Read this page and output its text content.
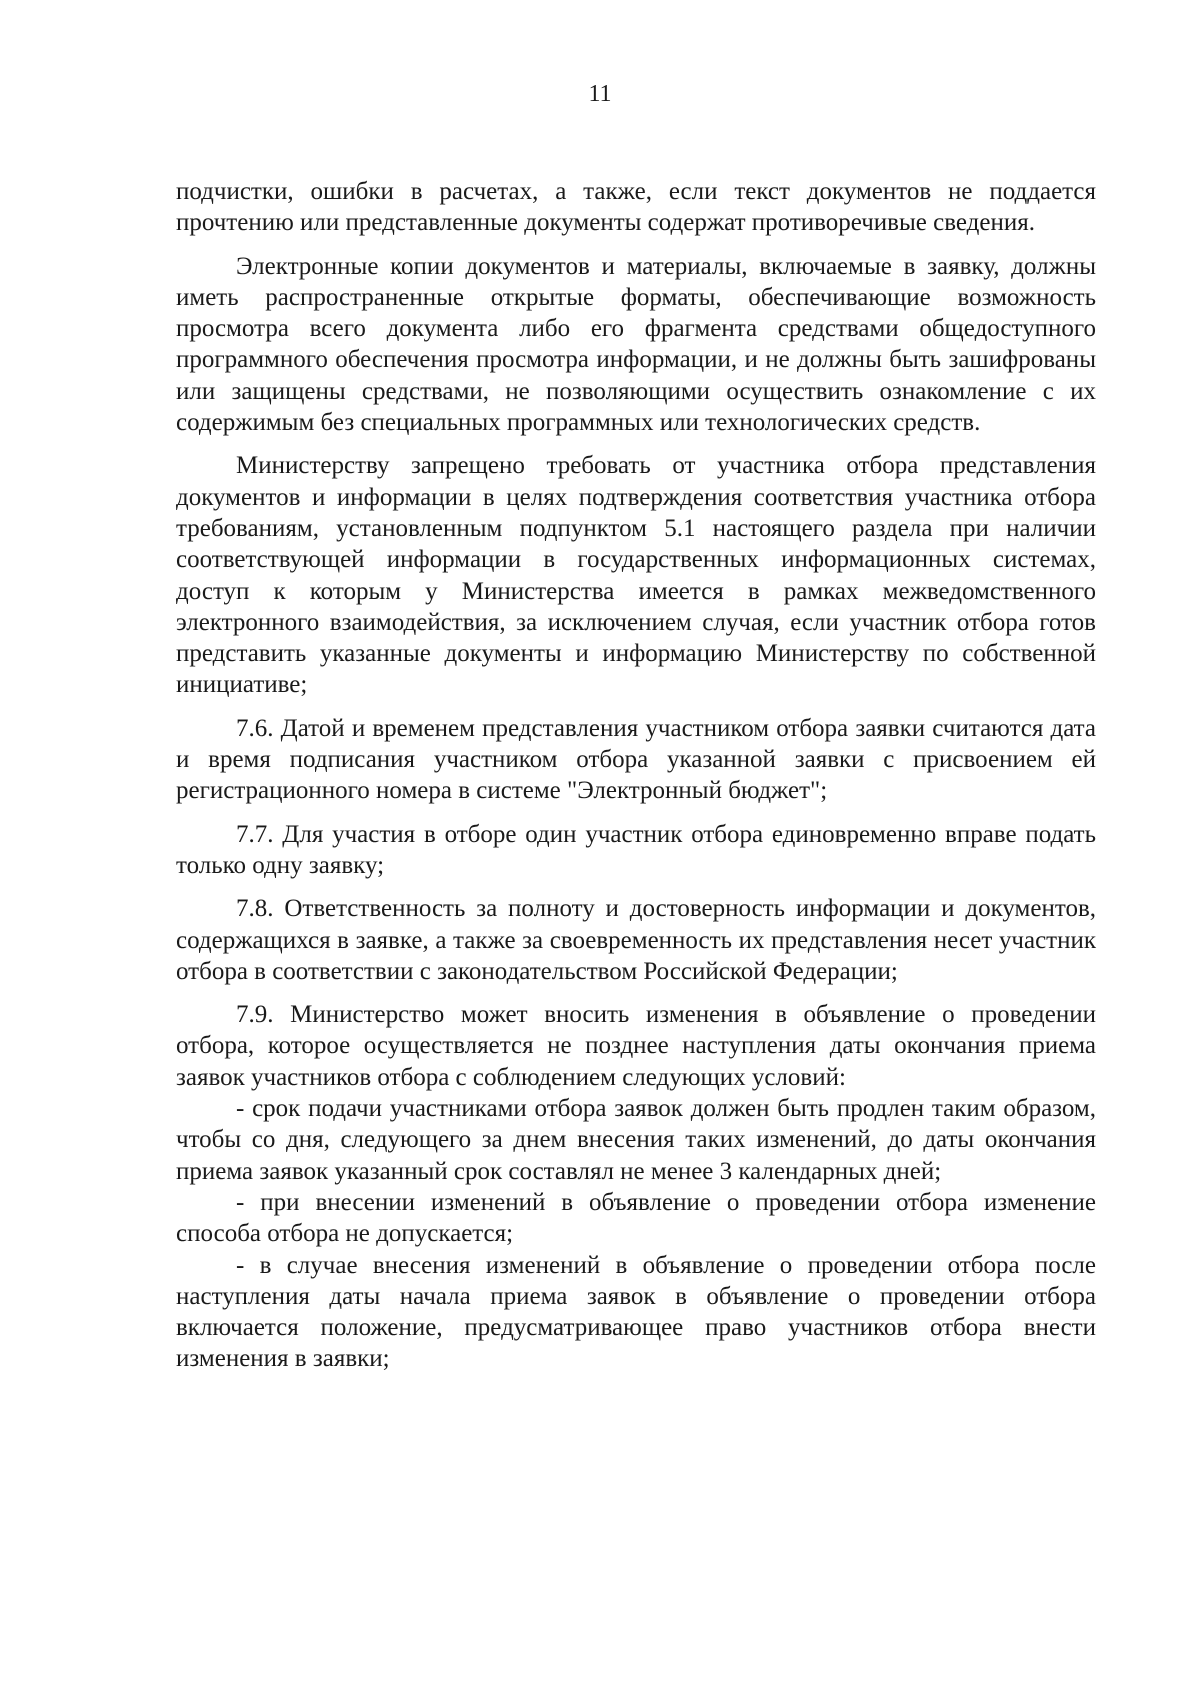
11

подчистки, ошибки в расчетах, а также, если текст документов не поддается прочтению или представленные документы содержат противоречивые сведения.

Электронные копии документов и материалы, включаемые в заявку, должны иметь распространенные открытые форматы, обеспечивающие возможность просмотра всего документа либо его фрагмента средствами общедоступного программного обеспечения просмотра информации, и не должны быть зашифрованы или защищены средствами, не позволяющими осуществить ознакомление с их содержимым без специальных программных или технологических средств.

Министерству запрещено требовать от участника отбора представления документов и информации в целях подтверждения соответствия участника отбора требованиям, установленным подпунктом 5.1 настоящего раздела при наличии соответствующей информации в государственных информационных системах, доступ к которым у Министерства имеется в рамках межведомственного электронного взаимодействия, за исключением случая, если участник отбора готов представить указанные документы и информацию Министерству по собственной инициативе;

7.6. Датой и временем представления участником отбора заявки считаются дата и время подписания участником отбора указанной заявки с присвоением ей регистрационного номера в системе "Электронный бюджет";

7.7. Для участия в отборе один участник отбора единовременно вправе подать только одну заявку;

7.8. Ответственность за полноту и достоверность информации и документов, содержащихся в заявке, а также за своевременность их представления несет участник отбора в соответствии с законодательством Российской Федерации;

7.9. Министерство может вносить изменения в объявление о проведении отбора, которое осуществляется не позднее наступления даты окончания приема заявок участников отбора с соблюдением следующих условий:

- срок подачи участниками отбора заявок должен быть продлен таким образом, чтобы со дня, следующего за днем внесения таких изменений, до даты окончания приема заявок указанный срок составлял не менее 3 календарных дней;

- при внесении изменений в объявление о проведении отбора изменение способа отбора не допускается;

- в случае внесения изменений в объявление о проведении отбора после наступления даты начала приема заявок в объявление о проведении отбора включается положение, предусматривающее право участников отбора внести изменения в заявки;
